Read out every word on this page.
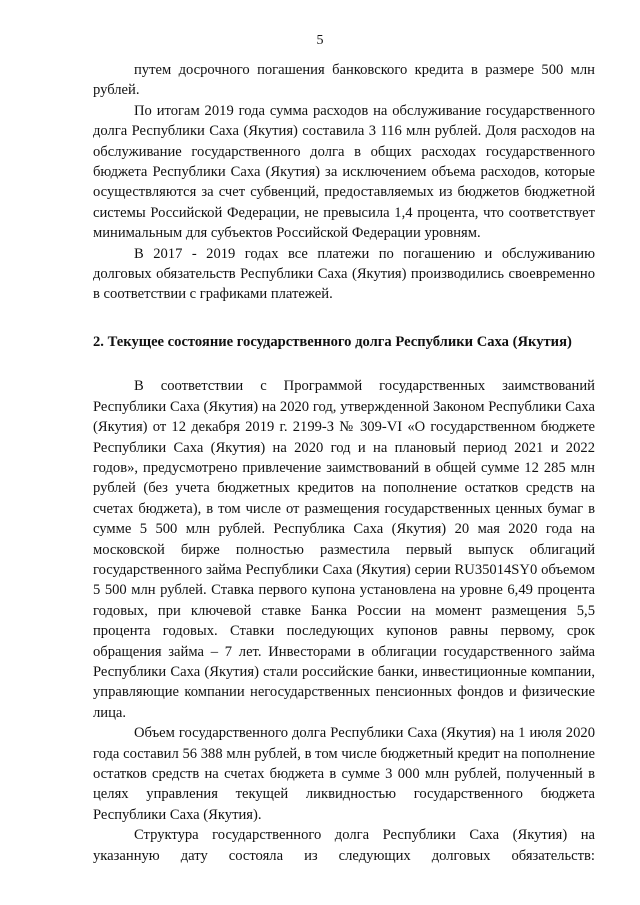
5

путем досрочного погашения банковского кредита в размере 500 млн рублей.

По итогам 2019 года сумма расходов на обслуживание государственного долга Республики Саха (Якутия) составила 3 116 млн рублей. Доля расходов на обслуживание государственного долга в общих расходах государственного бюджета Республики Саха (Якутия) за исключением объема расходов, которые осуществляются за счет субвенций, предоставляемых из бюджетов бюджетной системы Российской Федерации, не превысила 1,4 процента, что соответствует минимальным для субъектов Российской Федерации уровням.

В 2017 - 2019 годах все платежи по погашению и обслуживанию долговых обязательств Республики Саха (Якутия) производились своевременно в соответствии с графиками платежей.

2. Текущее состояние государственного долга Республики Саха (Якутия)

В соответствии с Программой государственных заимствований Республики Саха (Якутия) на 2020 год, утвержденной Законом Республики Саха (Якутия) от 12 декабря 2019 г. 2199-З № 309-VI «О государственном бюджете Республики Саха (Якутия) на 2020 год и на плановый период 2021 и 2022 годов», предусмотрено привлечение заимствований в общей сумме 12 285 млн рублей (без учета бюджетных кредитов на пополнение остатков средств на счетах бюджета), в том числе от размещения государственных ценных бумаг в сумме 5 500 млн рублей. Республика Саха (Якутия) 20 мая 2020 года на московской бирже полностью разместила первый выпуск облигаций государственного займа Республики Саха (Якутия) серии RU35014SY0 объемом 5 500 млн рублей. Ставка первого купона установлена на уровне 6,49 процента годовых, при ключевой ставке Банка России на момент размещения 5,5 процента годовых. Ставки последующих купонов равны первому, срок обращения займа – 7 лет. Инвесторами в облигации государственного займа Республики Саха (Якутия) стали российские банки, инвестиционные компании, управляющие компании негосударственных пенсионных фондов и физические лица.

Объем государственного долга Республики Саха (Якутия) на 1 июля 2020 года составил 56 388 млн рублей, в том числе бюджетный кредит на пополнение остатков средств на счетах бюджета в сумме 3 000 млн рублей, полученный в целях управления текущей ликвидностью государственного бюджета Республики Саха (Якутия).

Структура государственного долга Республики Саха (Якутия) на указанную дату состояла из следующих долговых обязательств:
